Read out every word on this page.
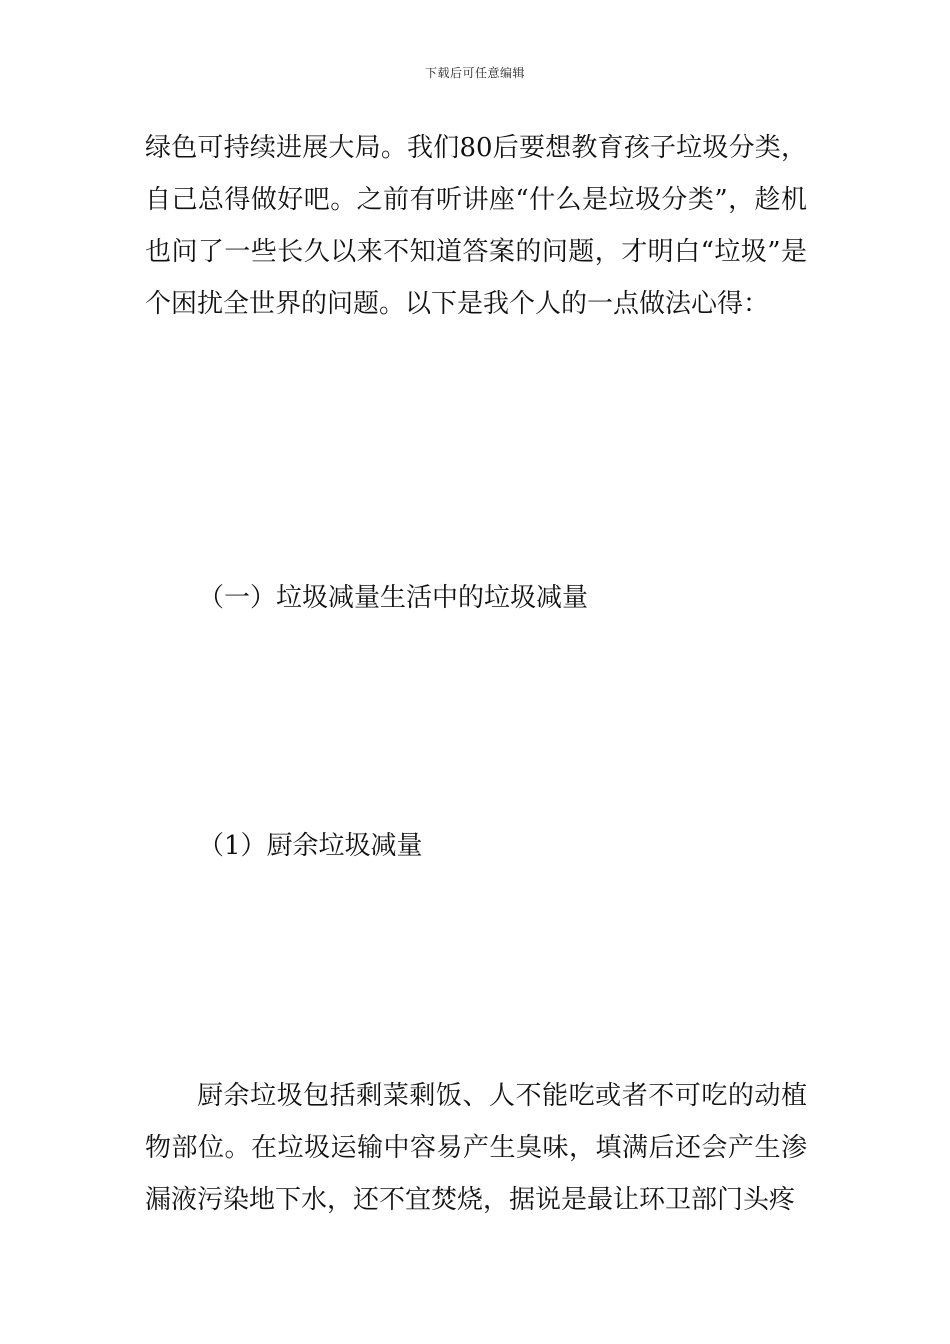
下载后可任意编辑

绿色可持续进展大局。我们80后要想教育孩子垃圾分类，自己总得做好吧。之前有听讲座“什么是垃圾分类”，趁机也问了一些长久以来不知道答案的问题，才明白“垃圾”是个困扰全世界的问题。以下是我个人的一点做法心得：

（一）垃圾减量生活中的垃圾减量

（1）厨余垃圾减量

厨余垃圾包括剩菜剩饭、人不能吃或者不可吃的动植物部位。在垃圾运输中容易产生臭味，填满后还会产生渗漏液污染地下水，还不宜焚烧，据说是最让环卫部门头疼
